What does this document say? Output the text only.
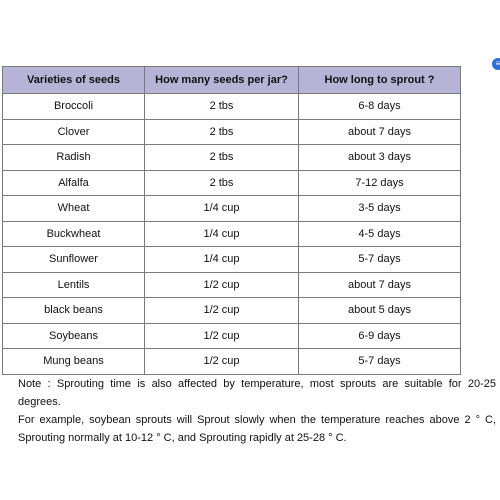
≡
Varieties of seeds	How many seeds per jar?	How long to sprout ?
Broccoli	2 tbs	6-8 days
Clover	2 tbs	about 7 days
Radish	2 tbs	about 3 days
Alfalfa	2 tbs	7-12 days
Wheat	1/4 cup	3-5 days
Buckwheat	1/4 cup	4-5 days
Sunflower	1/4 cup	5-7 days
Lentils	1/2 cup	about 7 days
black beans	1/2 cup	about 5 days
Soybeans	1/2 cup	6-9 days
Mung beans	1/2 cup	5-7 days

Note : Sprouting time is also affected by temperature, most sprouts are suitable for 20-25 degrees.

For example, soybean sprouts will Sprout slowly when the temperature reaches above 2 ° C, Sprouting normally at 10-12 ° C, and Sprouting rapidly at 25-28 ° C.
